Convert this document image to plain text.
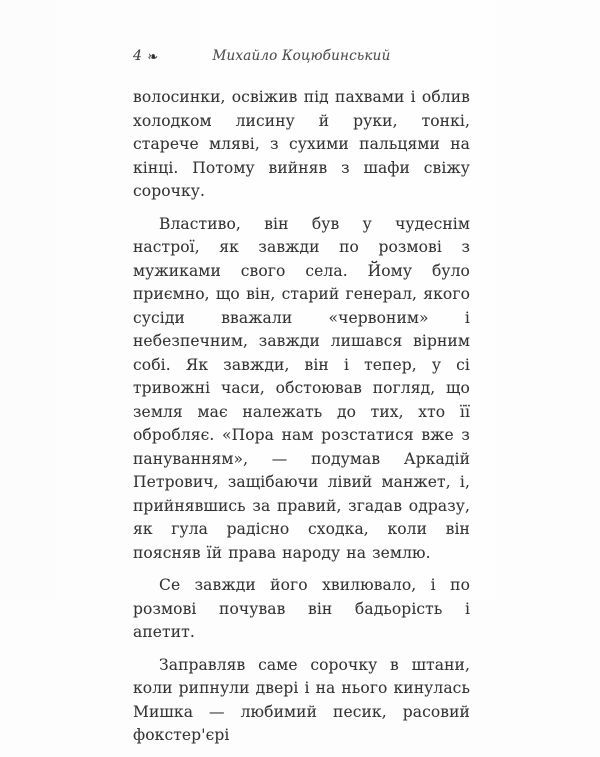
4 ❧	Михайло Коцюбинський

волосинки, освіжив під пахвами і облив холодком лисину й руки, тонкі, старече мляві, з сухими пальцями на кінці. Потому вийняв з шафи свіжу сорочку.

Властиво, він був у чудеснім настрої, як завжди по розмові з мужиками свого села. Йому було приємно, що він, старий генерал, якого сусіди вважали «червоним» і небезпечним, завжди лишався вірним собі. Як завжди, він і тепер, у сі тривожні часи, обстоював погляд, що земля має належать до тих, хто її обробляє. «Пора нам розстатися вже з пануванням», — подумав Аркадій Петрович, защібаючи лівий манжет, і, прийнявшись за правий, згадав одразу, як гула радісно сходка, коли він поясняв їй права народу на землю.

Се завжди його хвилювало, і по розмові почував він бадьорість і апетит.

Заправляв саме сорочку в штани, коли рипнули двері і на нього кинулась Мишка — любимий песик, расовий фокстер'єрі
